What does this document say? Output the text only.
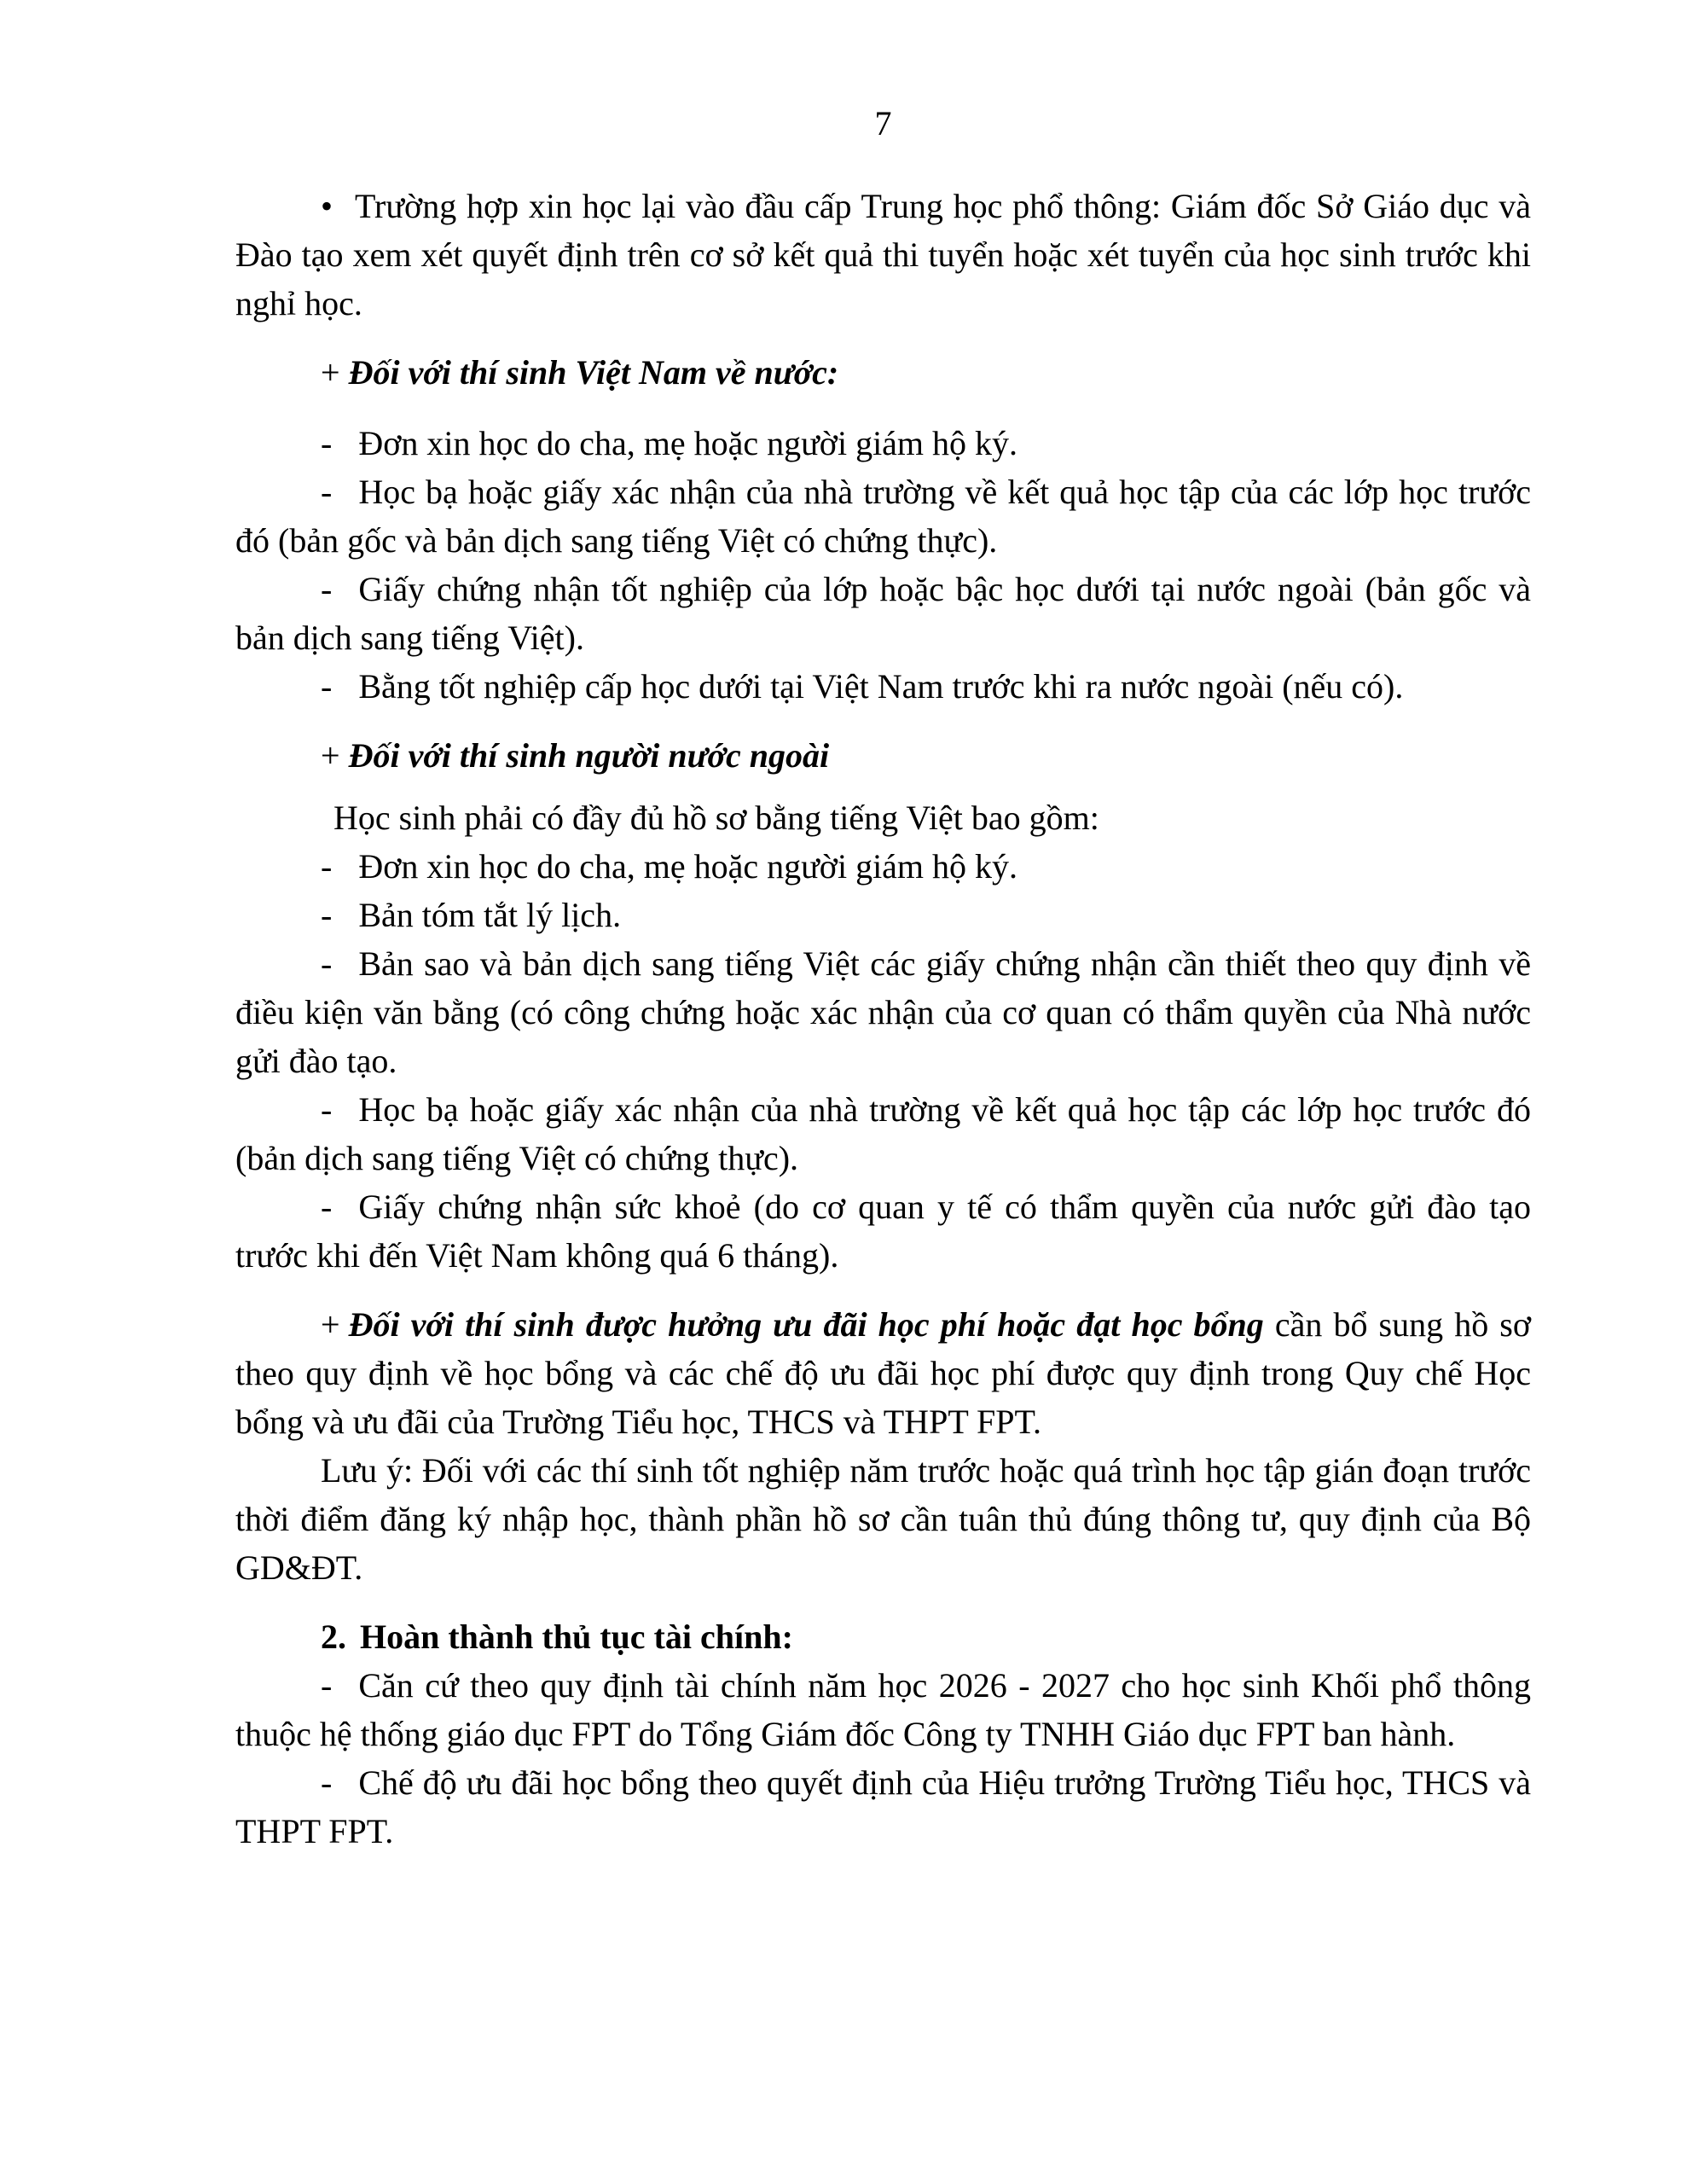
7

• Trường hợp xin học lại vào đầu cấp Trung học phổ thông: Giám đốc Sở Giáo dục và Đào tạo xem xét quyết định trên cơ sở kết quả thi tuyển hoặc xét tuyển của học sinh trước khi nghỉ học.

+ Đối với thí sinh Việt Nam về nước:

- Đơn xin học do cha, mẹ hoặc người giám hộ ký.

- Học bạ hoặc giấy xác nhận của nhà trường về kết quả học tập của các lớp học trước đó (bản gốc và bản dịch sang tiếng Việt có chứng thực).

- Giấy chứng nhận tốt nghiệp của lớp hoặc bậc học dưới tại nước ngoài (bản gốc và bản dịch sang tiếng Việt).

- Bằng tốt nghiệp cấp học dưới tại Việt Nam trước khi ra nước ngoài (nếu có).

+ Đối với thí sinh người nước ngoài

Học sinh phải có đầy đủ hồ sơ bằng tiếng Việt bao gồm:

- Đơn xin học do cha, mẹ hoặc người giám hộ ký.

- Bản tóm tắt lý lịch.

- Bản sao và bản dịch sang tiếng Việt các giấy chứng nhận cần thiết theo quy định về điều kiện văn bằng (có công chứng hoặc xác nhận của cơ quan có thẩm quyền của Nhà nước gửi đào tạo.

- Học bạ hoặc giấy xác nhận của nhà trường về kết quả học tập các lớp học trước đó (bản dịch sang tiếng Việt có chứng thực).

- Giấy chứng nhận sức khoẻ (do cơ quan y tế có thẩm quyền của nước gửi đào tạo trước khi đến Việt Nam không quá 6 tháng).

+ Đối với thí sinh được hưởng ưu đãi học phí hoặc đạt học bổng cần bổ sung hồ sơ theo quy định về học bổng và các chế độ ưu đãi học phí được quy định trong Quy chế Học bổng và ưu đãi của Trường Tiểu học, THCS và THPT FPT.

Lưu ý: Đối với các thí sinh tốt nghiệp năm trước hoặc quá trình học tập gián đoạn trước thời điểm đăng ký nhập học, thành phần hồ sơ cần tuân thủ đúng thông tư, quy định của Bộ GD&ĐT.

2. Hoàn thành thủ tục tài chính:

- Căn cứ theo quy định tài chính năm học 2026 - 2027 cho học sinh Khối phổ thông thuộc hệ thống giáo dục FPT do Tổng Giám đốc Công ty TNHH Giáo dục FPT ban hành.

- Chế độ ưu đãi học bổng theo quyết định của Hiệu trưởng Trường Tiểu học, THCS và THPT FPT.
